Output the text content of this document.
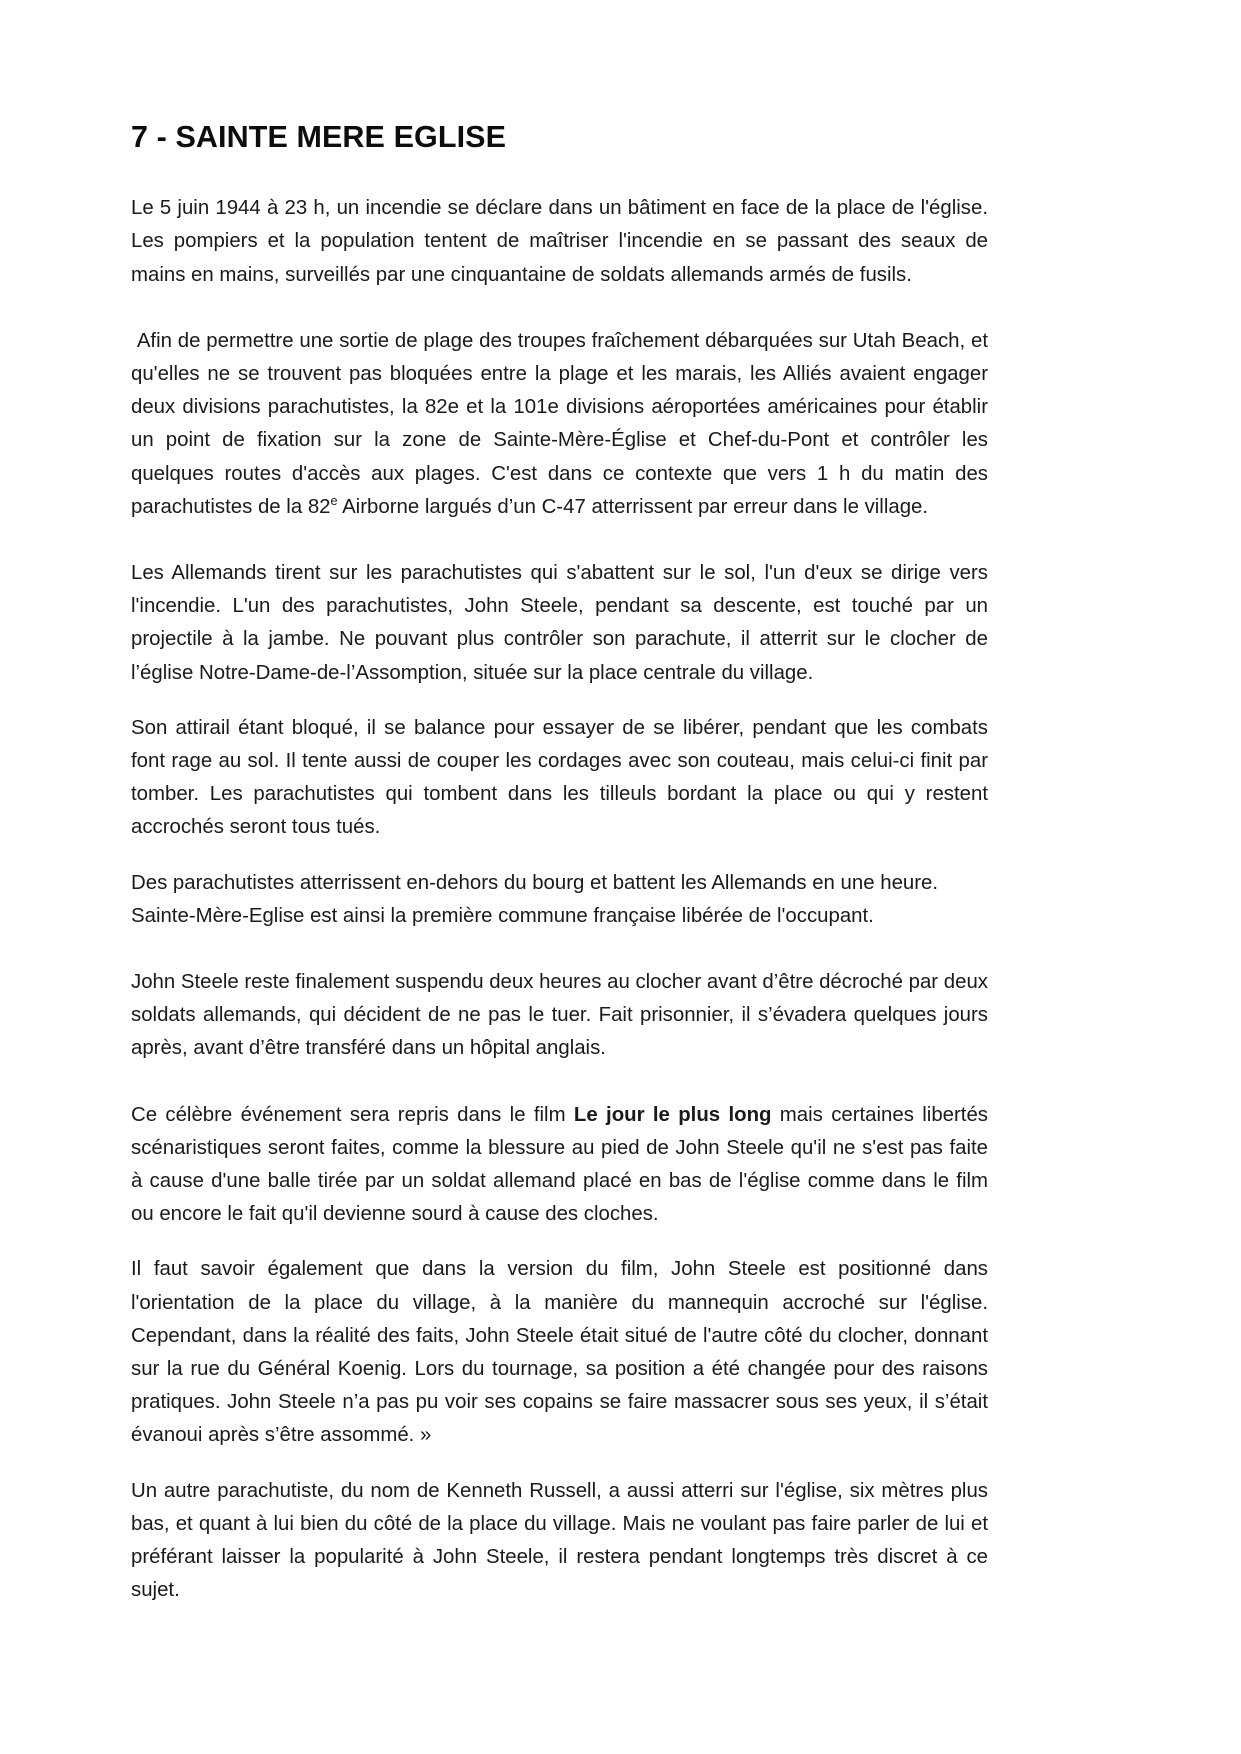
7 - SAINTE MERE EGLISE

Le 5 juin 1944 à 23 h, un incendie se déclare dans un bâtiment en face de la place de l'église. Les pompiers et la population tentent de maîtriser l'incendie en se passant des seaux de mains en mains, surveillés par une cinquantaine de soldats allemands armés de fusils.

Afin de permettre une sortie de plage des troupes fraîchement débarquées sur Utah Beach, et qu'elles ne se trouvent pas bloquées entre la plage et les marais, les Alliés avaient engager deux divisions parachutistes, la 82e et la 101e divisions aéroportées américaines pour établir un point de fixation sur la zone de Sainte-Mère-Église et Chef-du-Pont et contrôler les quelques routes d'accès aux plages. C'est dans ce contexte que vers 1 h du matin des parachutistes de la 82e Airborne largués d’un C-47 atterrissent par erreur dans le village.

Les Allemands tirent sur les parachutistes qui s'abattent sur le sol, l'un d'eux se dirige vers l'incendie. L'un des parachutistes, John Steele, pendant sa descente, est touché par un projectile à la jambe. Ne pouvant plus contrôler son parachute, il atterrit sur le clocher de l’église Notre-Dame-de-l’Assomption, située sur la place centrale du village.

Son attirail étant bloqué, il se balance pour essayer de se libérer, pendant que les combats font rage au sol. Il tente aussi de couper les cordages avec son couteau, mais celui-ci finit par tomber. Les parachutistes qui tombent dans les tilleuls bordant la place ou qui y restent accrochés seront tous tués.

Des parachutistes atterrissent en-dehors du bourg et battent les Allemands en une heure. Sainte-Mère-Eglise est ainsi la première commune française libérée de l'occupant.

John Steele reste finalement suspendu deux heures au clocher avant d’être décroché par deux soldats allemands, qui décident de ne pas le tuer. Fait prisonnier, il s’évadera quelques jours après, avant d’être transféré dans un hôpital anglais.

Ce célèbre événement sera repris dans le film Le jour le plus long mais certaines libertés scénaristiques seront faites, comme la blessure au pied de John Steele qu'il ne s'est pas faite à cause d'une balle tirée par un soldat allemand placé en bas de l'église comme dans le film ou encore le fait qu'il devienne sourd à cause des cloches.

Il faut savoir également que dans la version du film, John Steele est positionné dans l'orientation de la place du village, à la manière du mannequin accroché sur l'église. Cependant, dans la réalité des faits, John Steele était situé de l'autre côté du clocher, donnant sur la rue du Général Koenig. Lors du tournage, sa position a été changée pour des raisons pratiques. John Steele n’a pas pu voir ses copains se faire massacrer sous ses yeux, il s’était évanoui après s’être assommé. »

Un autre parachutiste, du nom de Kenneth Russell, a aussi atterri sur l'église, six mètres plus bas, et quant à lui bien du côté de la place du village. Mais ne voulant pas faire parler de lui et préférant laisser la popularité à John Steele, il restera pendant longtemps très discret à ce sujet.
